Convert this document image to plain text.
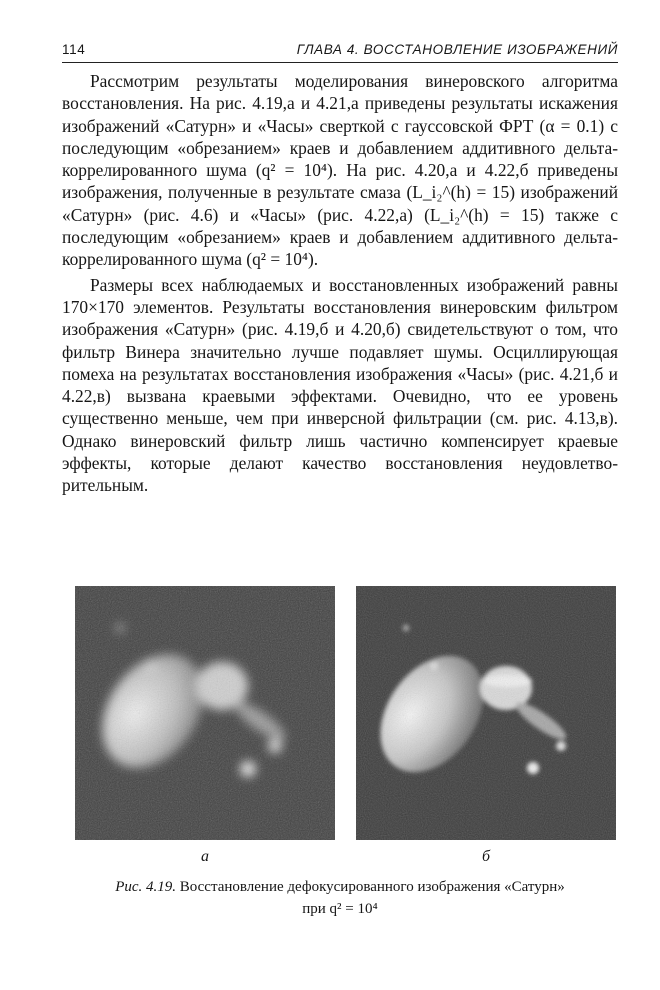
114	ГЛАВА 4. ВОССТАНОВЛЕНИЕ ИЗОБРАЖЕНИЙ

Рассмотрим результаты моделирования винеровского алгоритма восстановления. На рис. 4.19,а и 4.21,а приведены результаты искажения изображений «Сатурн» и «Часы» сверткой с гауссовской ФРТ (α = 0.1) с последующим «обрезанием» краев и добавлением аддитивного дельта-коррелированного шума (q² = 10⁴). На рис. 4.20,а и 4.22,б приведены изображения, полученные в результате смаза (L_i₂^(h) = 15) изображений «Сатурн» (рис. 4.6) и «Часы» (рис. 4.22,а) (L_i₂^(h) = 15) также с последующим «обрезанием» краев и добавлением аддитивного дельта-коррелированного шума (q² = 10⁴).

Размеры всех наблюдаемых и восстановленных изображений равны 170×170 элементов. Результаты восстановления винеровским фильтром изображения «Сатурн» (рис. 4.19,б и 4.20,б) свидетельствуют о том, что фильтр Винера значительно лучше подавляет шумы. Осциллирующая помеха на результатах восстановления изображения «Часы» (рис. 4.21,б и 4.22,в) вызвана краевыми эффектами. Очевидно, что ее уровень существенно меньше, чем при инверсной фильтрации (см. рис. 4.13,в). Однако винеровский фильтр лишь частично компенсирует краевые эффекты, которые делают качество восстановления неудовлетворительным.

а	б
Рис. 4.19. Восстановление дефокусированного изображения «Сатурн»
при q² = 10⁴
